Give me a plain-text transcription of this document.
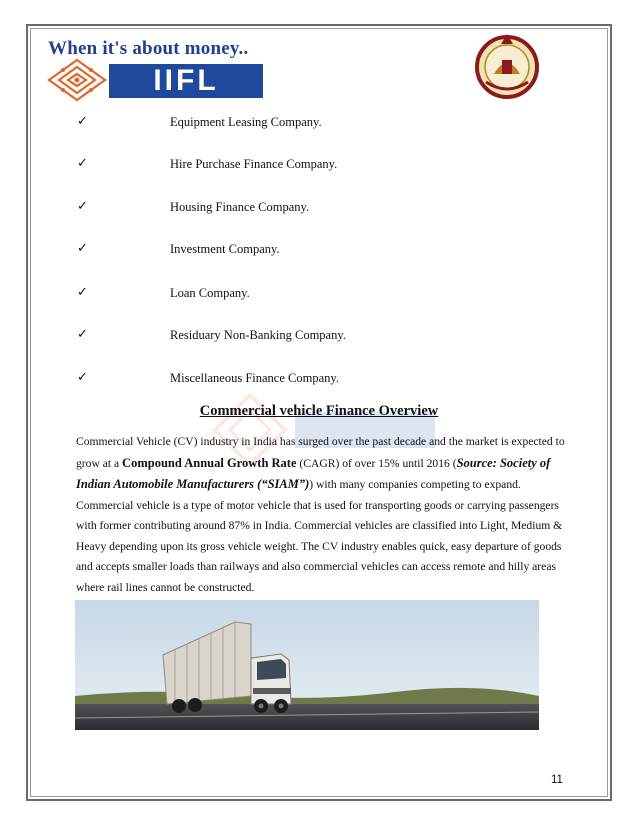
When it's about money..
IIFL
✓	Equipment Leasing Company.
✓	Hire Purchase Finance Company.
✓	Housing Finance Company.
✓	Investment Company.
✓	Loan Company.
✓	Residuary Non-Banking Company.
✓	Miscellaneous Finance Company.
Commercial vehicle Finance Overview
Commercial Vehicle (CV) industry in India has surged over the past decade and the market is expected to
grow at a Compound Annual Growth Rate (CAGR) of over 15% until 2016 (Source: Society of
Indian Automobile Manufacturers (“SIAM”)) with many companies competing to expand.
Commercial vehicle is a type of motor vehicle that is used for transporting goods or carrying passengers
with former contributing around 87% in India. Commercial vehicles are classified into Light, Medium &
Heavy depending upon its gross vehicle weight. The CV industry enables quick, easy departure of goods
and accepts smaller loads than railways and also commercial vehicles can access remote and hilly areas
where rail lines cannot be constructed.
11
